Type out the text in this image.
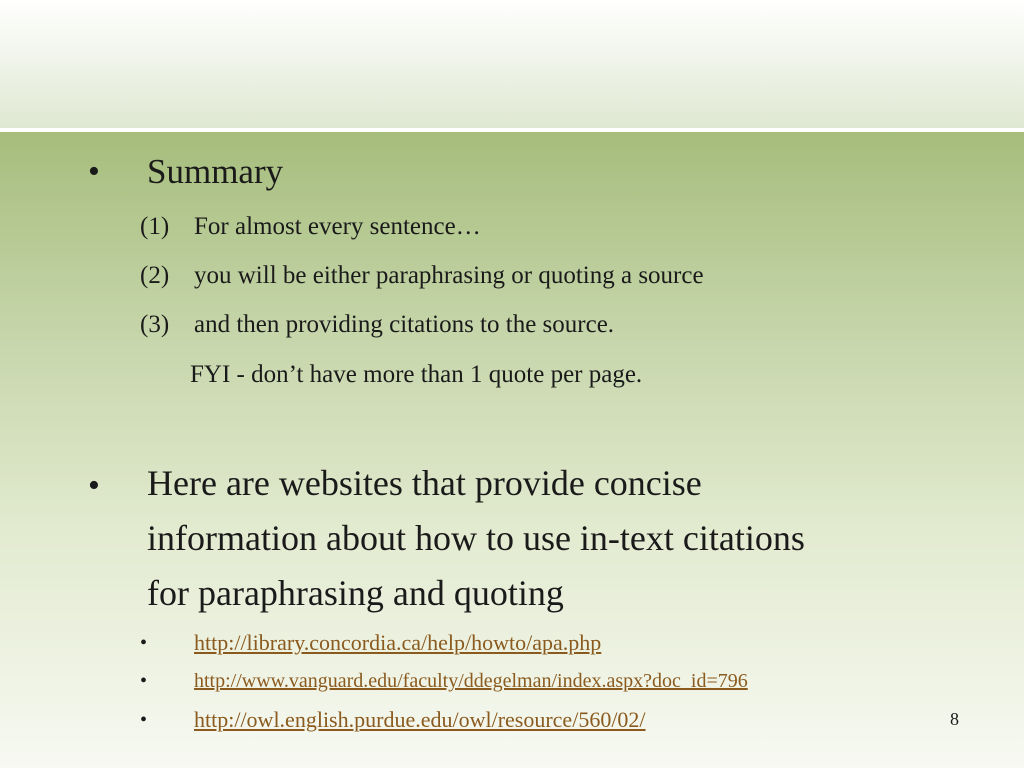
• Summary
(1) For almost every sentence…
(2) you will be either paraphrasing or quoting a source
(3) and then providing citations to the source.
FYI - don’t have more than 1 quote per page.
• Here are websites that provide concise
information about how to use in-text citations
for paraphrasing and quoting
• http://library.concordia.ca/help/howto/apa.php
• http://www.vanguard.edu/faculty/ddegelman/index.aspx?doc_id=796
• http://owl.english.purdue.edu/owl/resource/560/02/	8
